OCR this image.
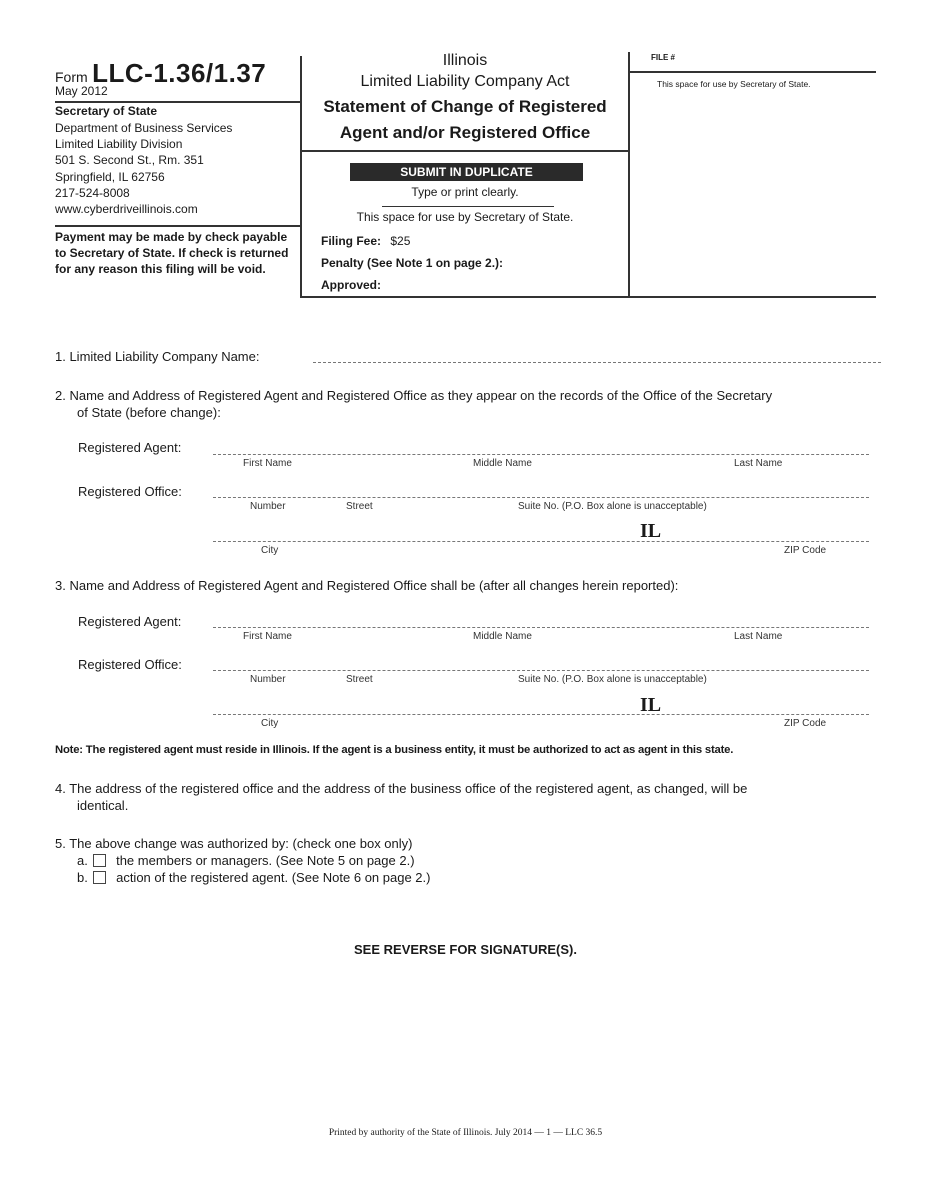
Form LLC-1.36/1.37
May 2012
Secretary of State
Department of Business Services
Limited Liability Division
501 S. Second St., Rm. 351
Springfield, IL 62756
217-524-8008
www.cyberdriveillinois.com
Payment may be made by check payable to Secretary of State. If check is returned for any reason this filing will be void.
Illinois
Limited Liability Company Act
Statement of Change of Registered
Agent and/or Registered Office
SUBMIT IN DUPLICATE
Type or print clearly.
This space for use by Secretary of State.
Filing Fee: $25
Penalty (See Note 1 on page 2.):
Approved:
FILE #
This space for use by Secretary of State.
1. Limited Liability Company Name:
2. Name and Address of Registered Agent and Registered Office as they appear on the records of the Office of the Secretary
of State (before change):
Registered Agent:
First Name	Middle Name	Last Name
Registered Office:
Number	Street	Suite No. (P.O. Box alone is unacceptable)
IL
City	ZIP Code
3. Name and Address of Registered Agent and Registered Office shall be (after all changes herein reported):
Registered Agent:
First Name	Middle Name	Last Name
Registered Office:
Number	Street	Suite No. (P.O. Box alone is unacceptable)
IL
City	ZIP Code
Note: The registered agent must reside in Illinois. If the agent is a business entity, it must be authorized to act as agent in this state.
4. The address of the registered office and the address of the business office of the registered agent, as changed, will be
identical.
5. The above change was authorized by: (check one box only)
a. the members or managers. (See Note 5 on page 2.)
b. action of the registered agent. (See Note 6 on page 2.)
SEE REVERSE FOR SIGNATURE(S).
Printed by authority of the State of Illinois. July 2014 — 1 — LLC 36.5
